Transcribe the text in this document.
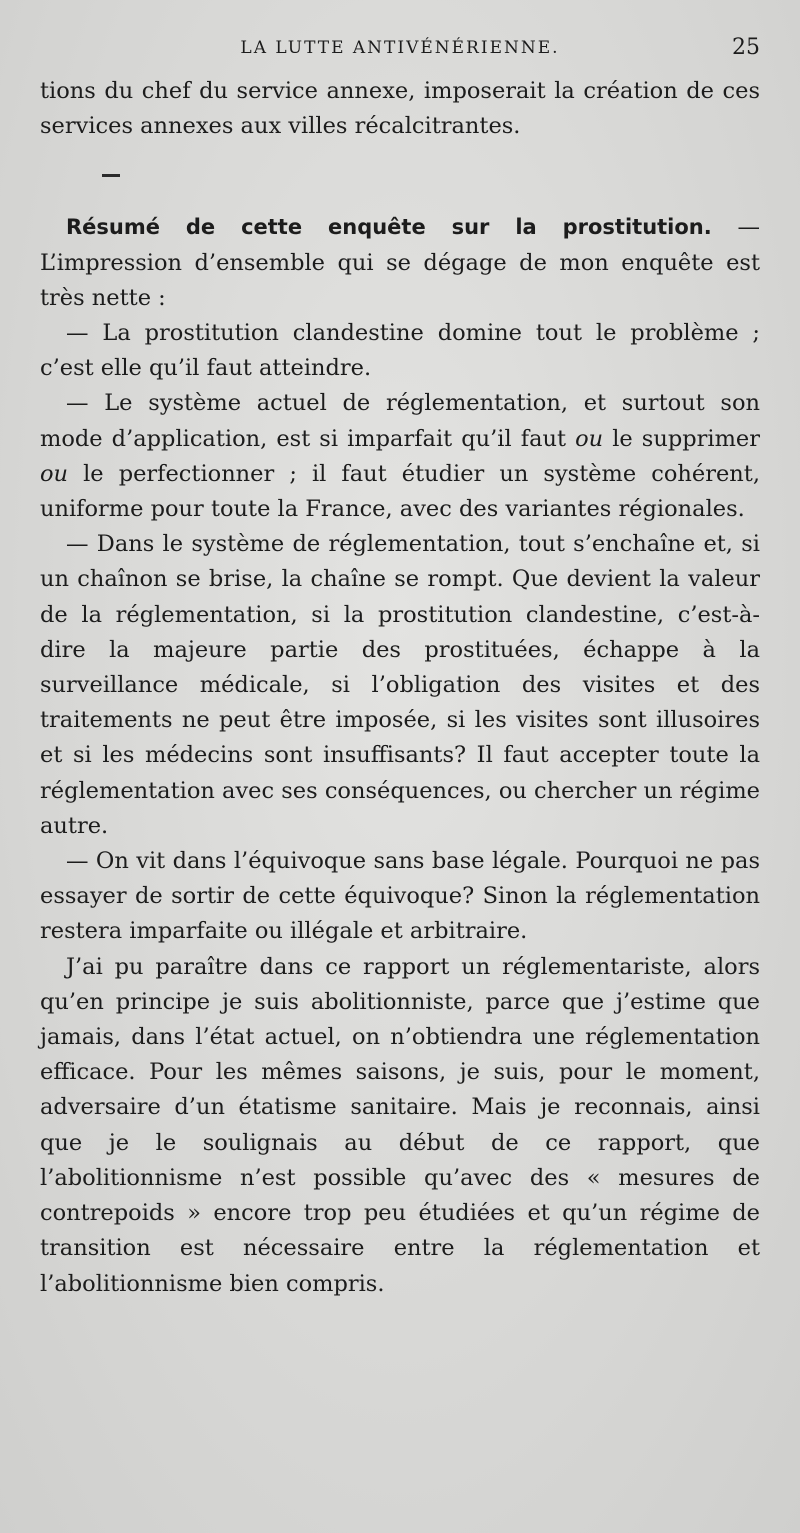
LA LUTTE ANTIVÉNÉRIENNE.	25

tions du chef du service annexe, imposerait la création de ces services annexes aux villes récalcitrantes.

Résumé de cette enquête sur la prostitution. — L’impression d’ensemble qui se dégage de mon enquête est très nette :

— La prostitution clandestine domine tout le problème ; c’est elle qu’il faut atteindre.

— Le système actuel de réglementation, et surtout son mode d’application, est si imparfait qu’il faut ou le supprimer ou le perfectionner ; il faut étudier un système cohérent, uniforme pour toute la France, avec des variantes régionales.

— Dans le système de réglementation, tout s’enchaîne et, si un chaînon se brise, la chaîne se rompt. Que devient la valeur de la réglementation, si la prostitution clandestine, c’est-à-dire la majeure partie des prostituées, échappe à la surveillance médicale, si l’obligation des visites et des traitements ne peut être imposée, si les visites sont illusoires et si les médecins sont insuffisants? Il faut accepter toute la réglementation avec ses conséquences, ou chercher un régime autre.

— On vit dans l’équivoque sans base légale. Pourquoi ne pas essayer de sortir de cette équivoque? Sinon la réglementation restera imparfaite ou illégale et arbitraire.

J’ai pu paraître dans ce rapport un réglementariste, alors qu’en principe je suis abolitionniste, parce que j’estime que jamais, dans l’état actuel, on n’obtiendra une réglementation efficace. Pour les mêmes saisons, je suis, pour le moment, adversaire d’un étatisme sanitaire. Mais je reconnais, ainsi que je le soulignais au début de ce rapport, que l’abolitionnisme n’est possible qu’avec des « mesures de contrepoids » encore trop peu étudiées et qu’un régime de transition est nécessaire entre la réglementation et l’abolitionnisme bien compris.
